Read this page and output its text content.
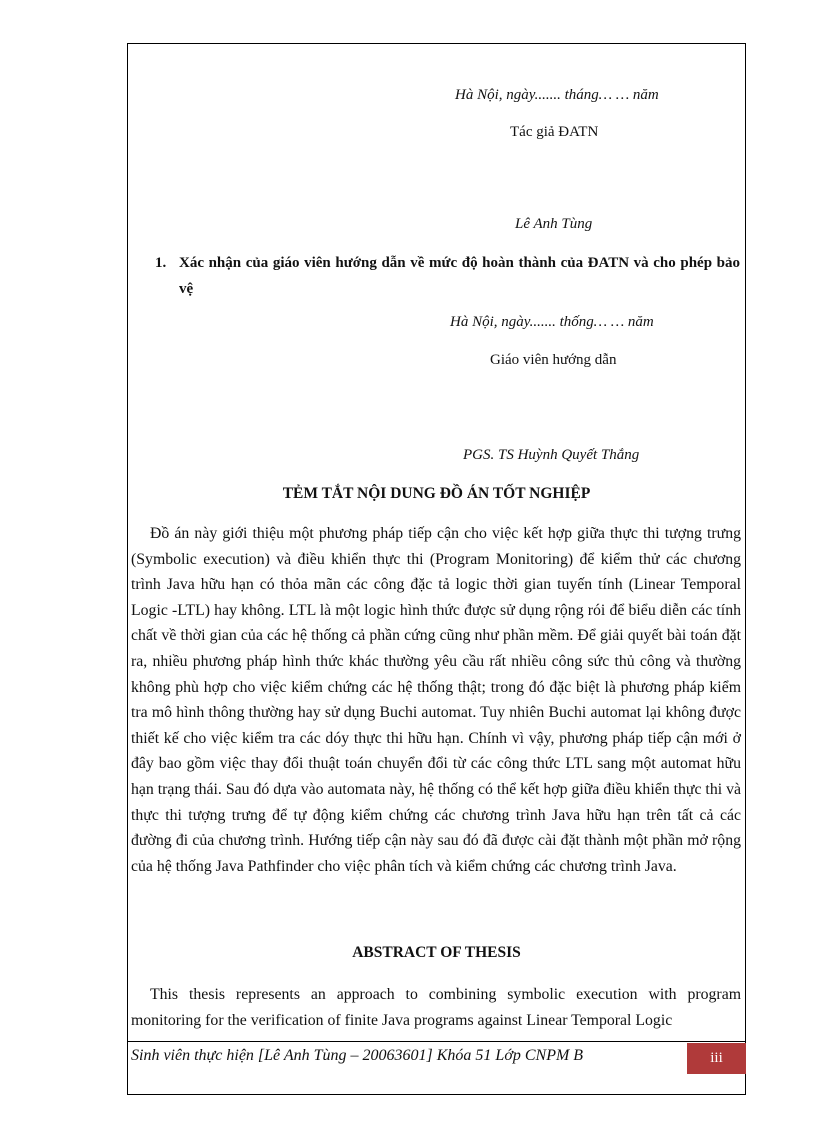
Hà Nội, ngày....... tháng… … năm
Tác giả ĐATN
Lê Anh Tùng
1. Xác nhận của giáo viên hướng dẫn về mức độ hoàn thành của ĐATN và cho phép bảo vệ
Hà Nội, ngày....... thống… … năm
Giáo viên hướng dẫn
PGS. TS Huỳnh Quyết Thắng
TẺM TẮT NỘI DUNG ĐỒ ÁN TỐT NGHIỆP
Đồ án này giới thiệu một phương pháp tiếp cận cho việc kết hợp giữa thực thi tượng trưng (Symbolic execution) và điều khiển thực thi (Program Monitoring) để kiểm thử các chương trình Java hữu hạn có thỏa mãn các công đặc tả logic thời gian tuyến tính (Linear Temporal Logic -LTL) hay không. LTL là một logic hình thức được sử dụng rộng rói để biểu diễn các tính chất về thời gian của các hệ thống cả phần cứng cũng như phần mềm. Để giải quyết bài toán đặt ra, nhiều phương pháp hình thức khác thường yêu cầu rất nhiều công sức thủ công và thường không phù hợp cho việc kiểm chứng các hệ thống thật; trong đó đặc biệt là phương pháp kiểm tra mô hình thông thường hay sử dụng Buchi automat. Tuy nhiên Buchi automat lại không được thiết kế cho việc kiểm tra các dóy thực thi hữu hạn. Chính vì vậy, phương pháp tiếp cận mới ở đây bao gồm việc thay đổi thuật toán chuyển đổi từ các công thức LTL sang một automat hữu hạn trạng thái. Sau đó dựa vào automata này, hệ thống có thể kết hợp giữa điều khiển thực thi và thực thi tượng trưng để tự động kiểm chứng các chương trình Java hữu hạn trên tất cả các đường đi của chương trình. Hướng tiếp cận này sau đó đã được cài đặt thành một phần mở rộng của hệ thống Java Pathfinder cho việc phân tích và kiểm chứng các chương trình Java.
ABSTRACT OF THESIS
This thesis represents an approach to combining symbolic execution with program monitoring for the verification of finite Java programs against Linear Temporal Logic
Sinh viên thực hiện [Lê Anh Tùng – 20063601] Khóa 51 Lớp CNPM B	iii
